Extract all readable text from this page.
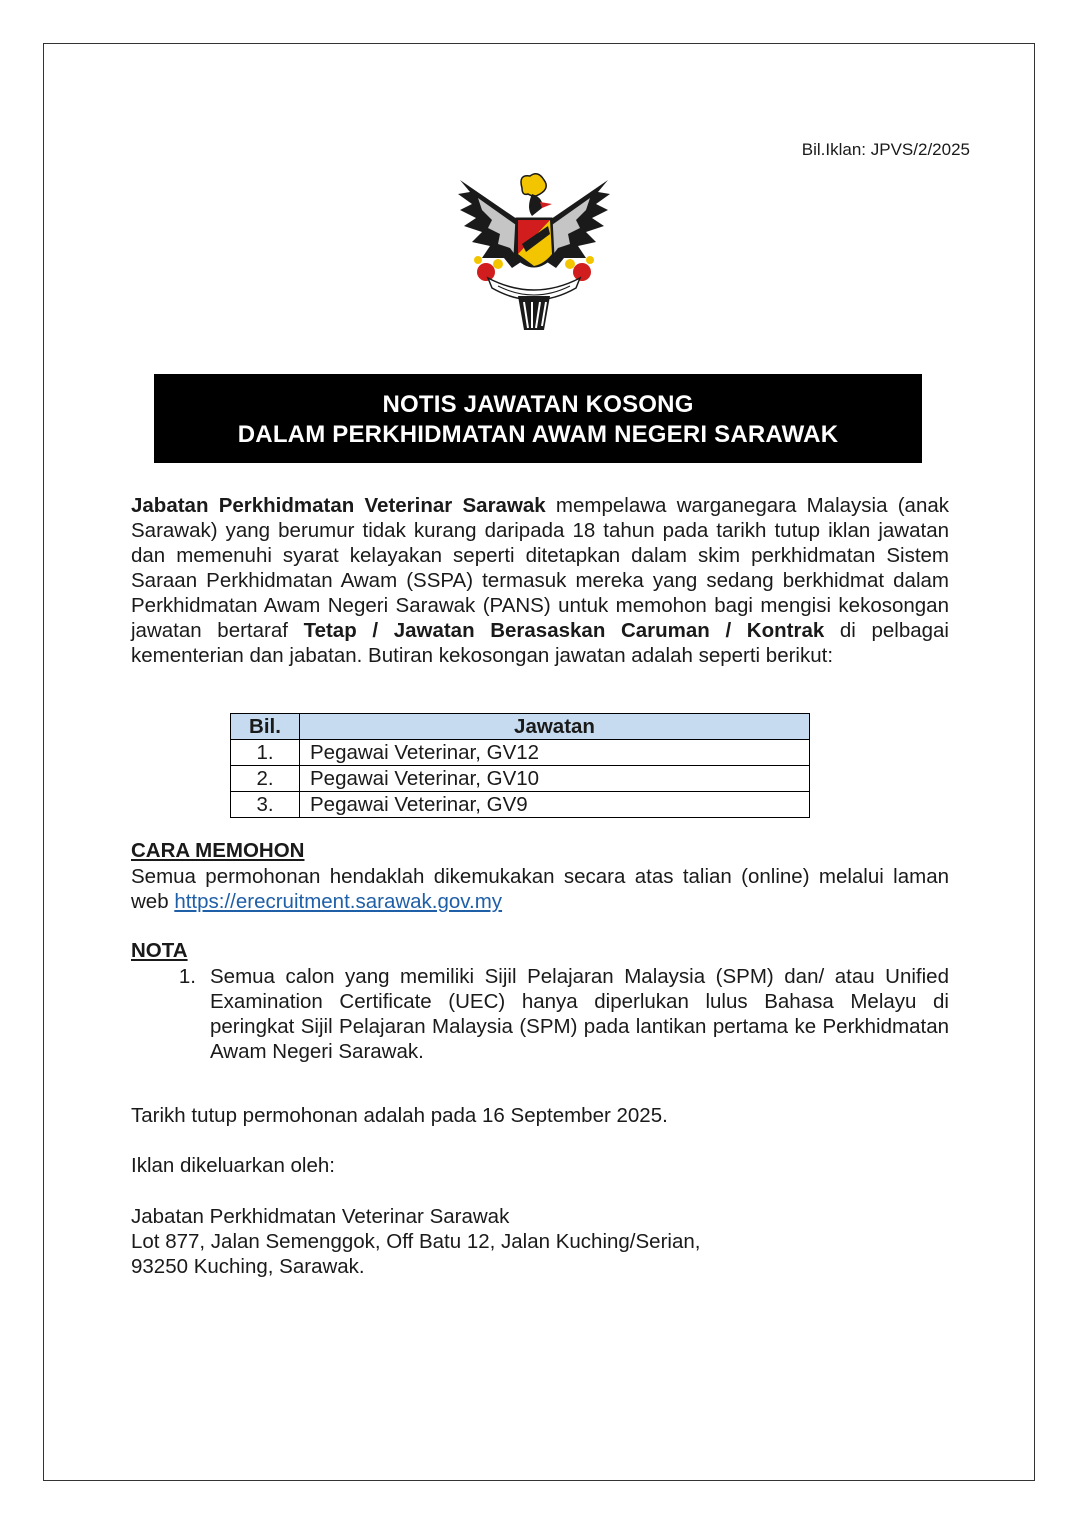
Bil.Iklan: JPVS/2/2025
NOTIS JAWATAN KOSONG
DALAM PERKHIDMATAN AWAM NEGERI SARAWAK
Jabatan Perkhidmatan Veterinar Sarawak mempelawa warganegara Malaysia (anak Sarawak) yang berumur tidak kurang daripada 18 tahun pada tarikh tutup iklan jawatan dan memenuhi syarat kelayakan seperti ditetapkan dalam skim perkhidmatan Sistem Saraan Perkhidmatan Awam (SSPA) termasuk mereka yang sedang berkhidmat dalam Perkhidmatan Awam Negeri Sarawak (PANS) untuk memohon bagi mengisi kekosongan jawatan bertaraf Tetap / Jawatan Berasaskan Caruman / Kontrak di pelbagai kementerian dan jabatan. Butiran kekosongan jawatan adalah seperti berikut:
Bil.	Jawatan
1.	Pegawai Veterinar, GV12
2.	Pegawai Veterinar, GV10
3.	Pegawai Veterinar, GV9
CARA MEMOHON
Semua permohonan hendaklah dikemukakan secara atas talian (online) melalui laman web https://erecruitment.sarawak.gov.my
NOTA
1. Semua calon yang memiliki Sijil Pelajaran Malaysia (SPM) dan/ atau Unified Examination Certificate (UEC) hanya diperlukan lulus Bahasa Melayu di peringkat Sijil Pelajaran Malaysia (SPM) pada lantikan pertama ke Perkhidmatan Awam Negeri Sarawak.
Tarikh tutup permohonan adalah pada 16 September 2025.
Iklan dikeluarkan oleh:
Jabatan Perkhidmatan Veterinar Sarawak
Lot 877, Jalan Semenggok, Off Batu 12, Jalan Kuching/Serian,
93250 Kuching, Sarawak.
